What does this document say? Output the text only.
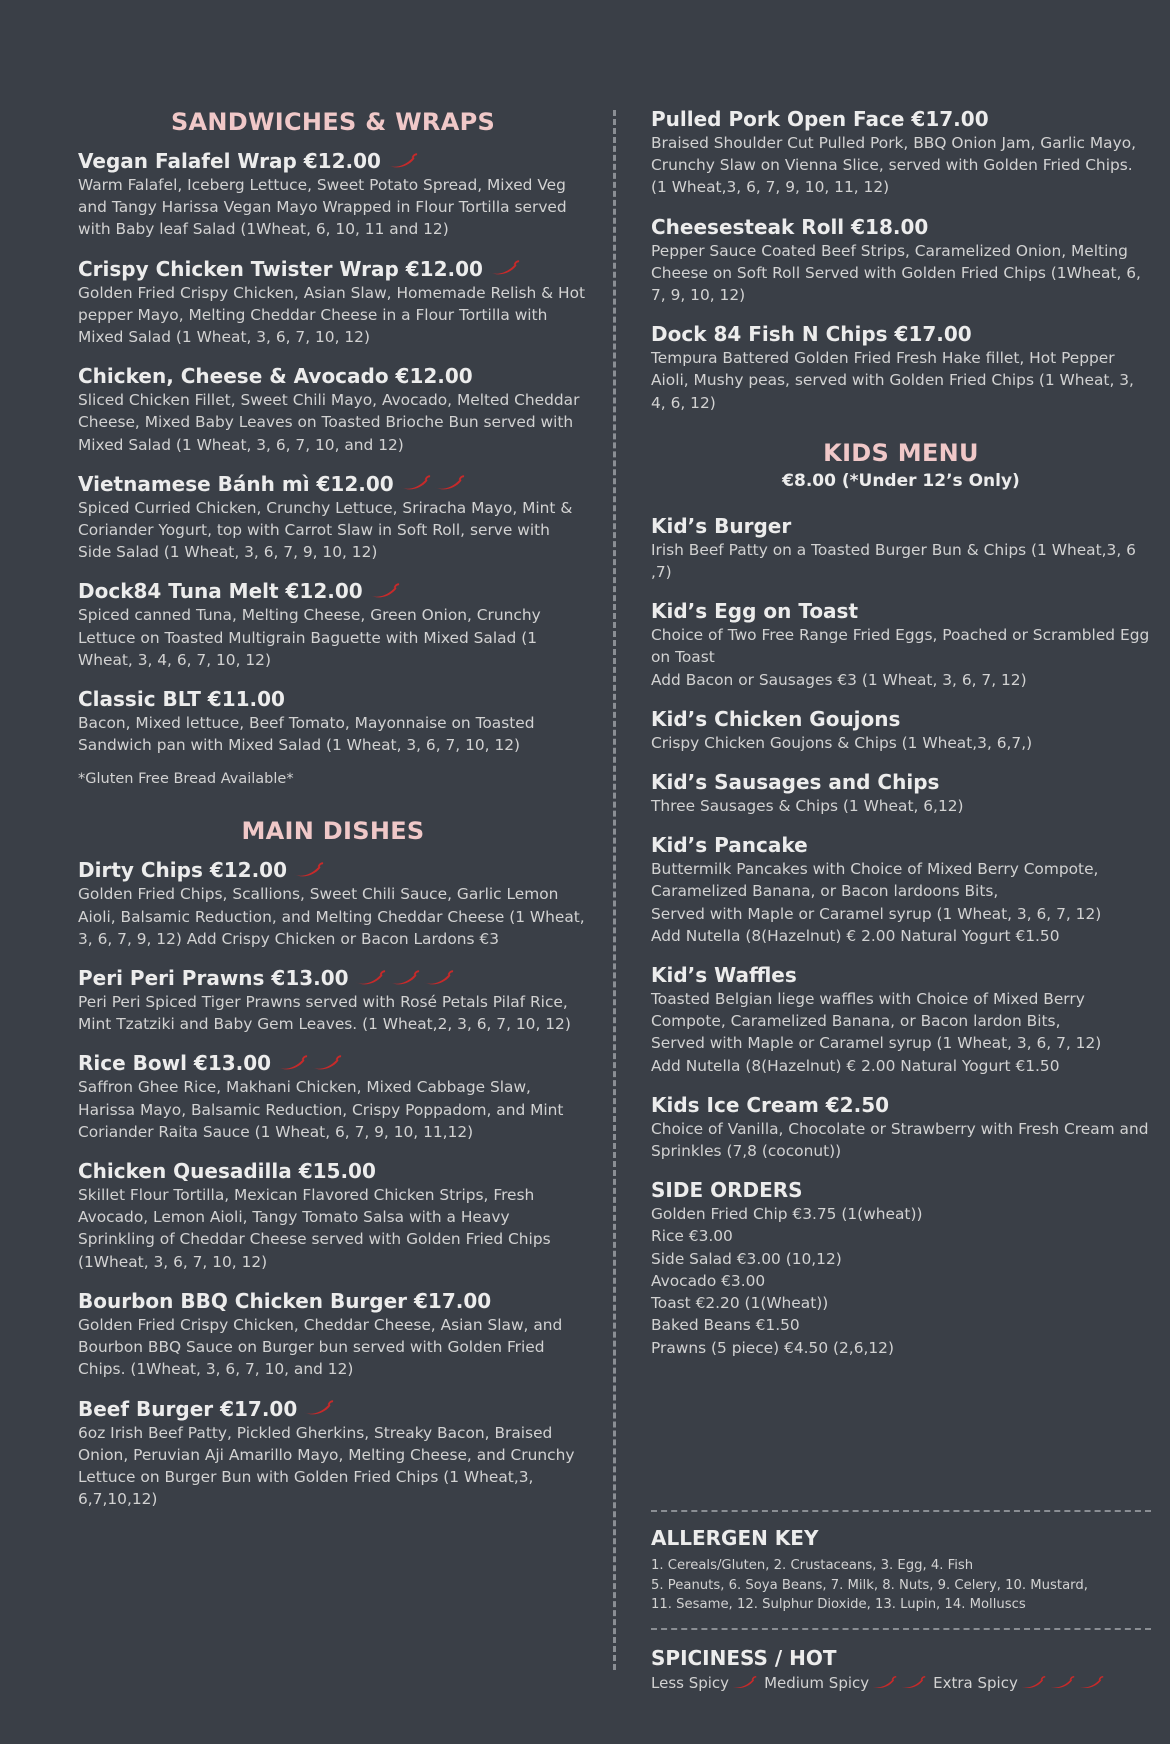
SANDWICHES & WRAPS
Vegan Falafel Wrap €12.00
Warm Falafel, Iceberg Lettuce, Sweet Potato Spread, Mixed Veg and Tangy Harissa Vegan Mayo Wrapped in Flour Tortilla served with Baby leaf Salad (1Wheat, 6, 10, 11 and 12)
Crispy Chicken Twister Wrap €12.00
Golden Fried Crispy Chicken, Asian Slaw, Homemade Relish & Hot pepper Mayo, Melting Cheddar Cheese in a Flour Tortilla with Mixed Salad (1 Wheat, 3, 6, 7, 10, 12)
Chicken, Cheese & Avocado €12.00
Sliced Chicken Fillet, Sweet Chili Mayo, Avocado, Melted Cheddar Cheese, Mixed Baby Leaves on Toasted Brioche Bun served with Mixed Salad (1 Wheat, 3, 6, 7, 10, and 12)
Vietnamese Bánh mì €12.00
Spiced Curried Chicken, Crunchy Lettuce, Sriracha Mayo, Mint & Coriander Yogurt, top with Carrot Slaw in Soft Roll, serve with Side Salad (1 Wheat, 3, 6, 7, 9, 10, 12)
Dock84 Tuna Melt €12.00
Spiced canned Tuna, Melting Cheese, Green Onion, Crunchy Lettuce on Toasted Multigrain Baguette with Mixed Salad (1 Wheat, 3, 4, 6, 7, 10, 12)
Classic BLT €11.00
Bacon, Mixed lettuce, Beef Tomato, Mayonnaise on Toasted Sandwich pan with Mixed Salad (1 Wheat, 3, 6, 7, 10, 12)
*Gluten Free Bread Available*
MAIN DISHES
Dirty Chips €12.00
Golden Fried Chips, Scallions, Sweet Chili Sauce, Garlic Lemon Aioli, Balsamic Reduction, and Melting Cheddar Cheese (1 Wheat, 3, 6, 7, 9, 12) Add Crispy Chicken or Bacon Lardons €3
Peri Peri Prawns €13.00
Peri Peri Spiced Tiger Prawns served with Rosé Petals Pilaf Rice, Mint Tzatziki and Baby Gem Leaves. (1 Wheat,2, 3, 6, 7, 10, 12)
Rice Bowl €13.00
Saffron Ghee Rice, Makhani Chicken, Mixed Cabbage Slaw, Harissa Mayo, Balsamic Reduction, Crispy Poppadom, and Mint Coriander Raita Sauce (1 Wheat, 6, 7, 9, 10, 11,12)
Chicken Quesadilla €15.00
Skillet Flour Tortilla, Mexican Flavored Chicken Strips, Fresh Avocado, Lemon Aioli, Tangy Tomato Salsa with a Heavy Sprinkling of Cheddar Cheese served with Golden Fried Chips (1Wheat, 3, 6, 7, 10, 12)
Bourbon BBQ Chicken Burger €17.00
Golden Fried Crispy Chicken, Cheddar Cheese, Asian Slaw, and Bourbon BBQ Sauce on Burger bun served with Golden Fried Chips. (1Wheat, 3, 6, 7, 10, and 12)
Beef Burger €17.00
6oz Irish Beef Patty, Pickled Gherkins, Streaky Bacon, Braised Onion, Peruvian Aji Amarillo Mayo, Melting Cheese, and Crunchy Lettuce on Burger Bun with Golden Fried Chips (1 Wheat,3, 6,7,10,12)
Pulled Pork Open Face €17.00
Braised Shoulder Cut Pulled Pork, BBQ Onion Jam, Garlic Mayo, Crunchy Slaw on Vienna Slice, served with Golden Fried Chips. (1 Wheat,3, 6, 7, 9, 10, 11, 12)
Cheesesteak Roll €18.00
Pepper Sauce Coated Beef Strips, Caramelized Onion, Melting Cheese on Soft Roll Served with Golden Fried Chips (1Wheat, 6, 7, 9, 10, 12)
Dock 84 Fish N Chips €17.00
Tempura Battered Golden Fried Fresh Hake fillet, Hot Pepper Aioli, Mushy peas, served with Golden Fried Chips (1 Wheat, 3, 4, 6, 12)
KIDS MENU
€8.00 (*Under 12’s Only)
Kid’s Burger
Irish Beef Patty on a Toasted Burger Bun & Chips (1 Wheat,3, 6 ,7)
Kid’s Egg on Toast
Choice of Two Free Range Fried Eggs, Poached or Scrambled Egg on Toast
Add Bacon or Sausages €3 (1 Wheat, 3, 6, 7, 12)
Kid’s Chicken Goujons
Crispy Chicken Goujons & Chips (1 Wheat,3, 6,7,)
Kid’s Sausages and Chips
Three Sausages & Chips (1 Wheat, 6,12)
Kid’s Pancake
Buttermilk Pancakes with Choice of Mixed Berry Compote, Caramelized Banana, or Bacon lardoons Bits,
Served with Maple or Caramel syrup (1 Wheat, 3, 6, 7, 12)
Add Nutella (8(Hazelnut) € 2.00 Natural Yogurt €1.50
Kid’s Waffles
Toasted Belgian liege waffles with Choice of Mixed Berry Compote, Caramelized Banana, or Bacon lardon Bits,
Served with Maple or Caramel syrup (1 Wheat, 3, 6, 7, 12)
Add Nutella (8(Hazelnut) € 2.00 Natural Yogurt €1.50
Kids Ice Cream €2.50
Choice of Vanilla, Chocolate or Strawberry with Fresh Cream and Sprinkles (7,8 (coconut))
SIDE ORDERS
Golden Fried Chip €3.75 (1(wheat))
Rice €3.00
Side Salad €3.00 (10,12)
Avocado €3.00
Toast €2.20 (1(Wheat))
Baked Beans €1.50
Prawns (5 piece) €4.50 (2,6,12)
ALLERGEN KEY
1. Cereals/Gluten, 2. Crustaceans, 3. Egg, 4. Fish
5. Peanuts, 6. Soya Beans, 7. Milk, 8. Nuts, 9. Celery, 10. Mustard,
11. Sesame, 12. Sulphur Dioxide, 13. Lupin, 14. Molluscs
SPICINESS / HOT
Less Spicy Medium Spicy	Extra Spicy
